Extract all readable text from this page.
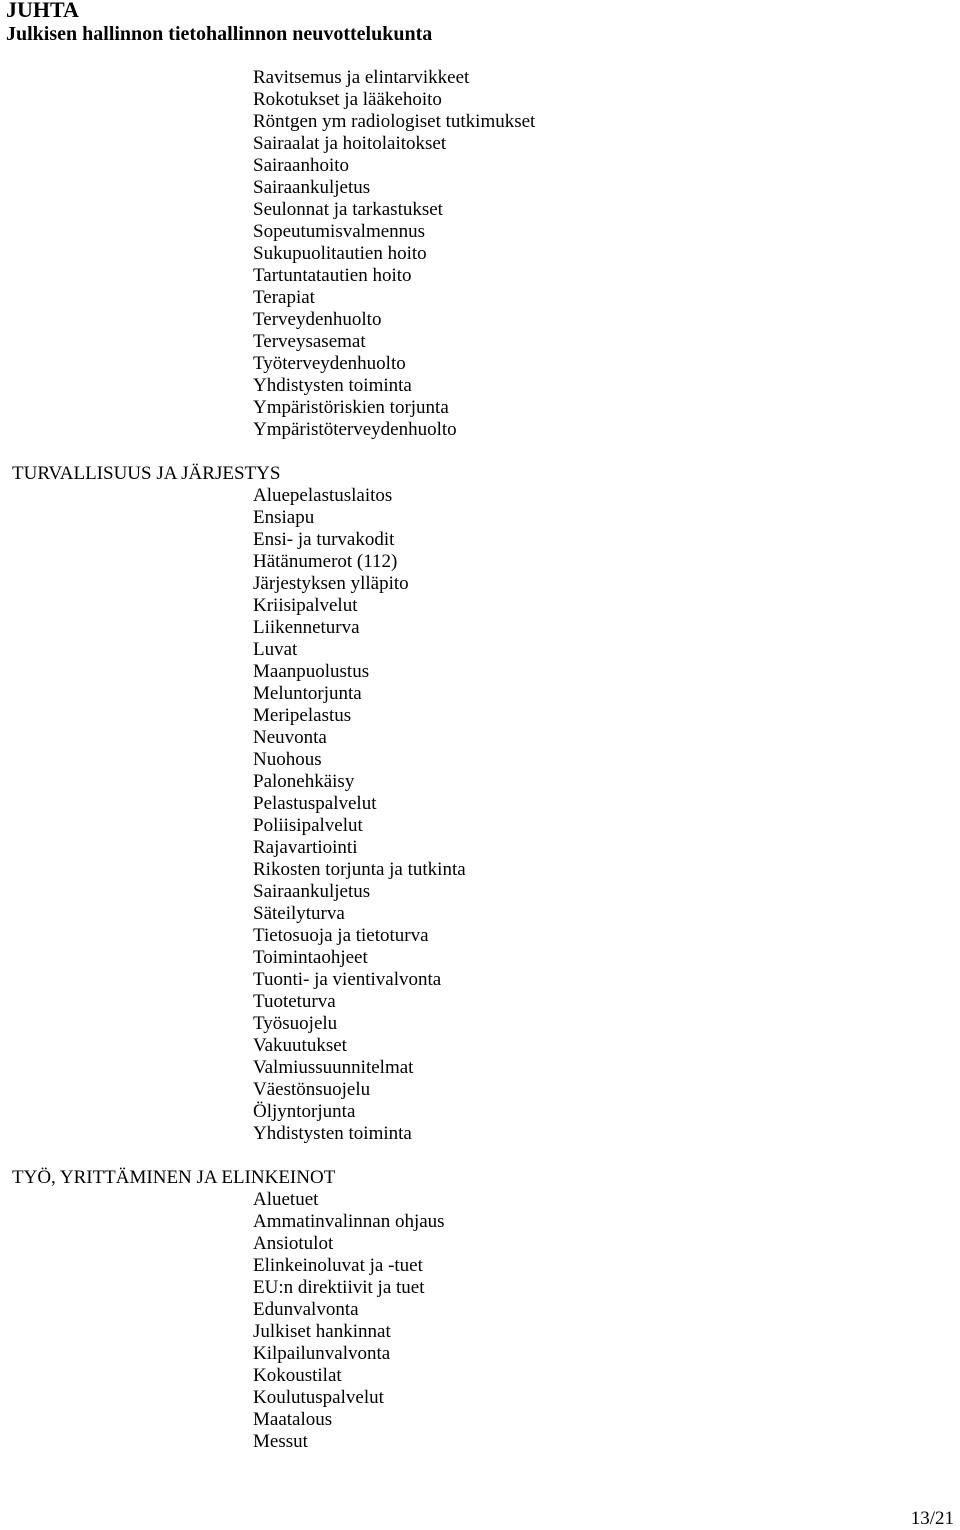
JUHTA

Julkisen hallinnon tietohallinnon neuvottelukunta

Ravitsemus ja elintarvikkeet
Rokotukset ja lääkehoito
Röntgen ym radiologiset tutkimukset
Sairaalat ja hoitolaitokset
Sairaanhoito
Sairaankuljetus
Seulonnat ja tarkastukset
Sopeutumisvalmennus
Sukupuolitautien hoito
Tartuntatautien hoito
Terapiat
Terveydenhuolto
Terveysasemat
Työterveydenhuolto
Yhdistysten toiminta
Ympäristöriskien torjunta
Ympäristöterveydenhuolto
TURVALLISUUS JA JÄRJESTYS
Aluepelastuslaitos
Ensiapu
Ensi- ja turvakodit
Hätänumerot (112)
Järjestyksen ylläpito
Kriisipalvelut
Liikenneturva
Luvat
Maanpuolustus
Meluntorjunta
Meripelastus
Neuvonta
Nuohous
Palonehkäisy
Pelastuspalvelut
Poliisipalvelut
Rajavartiointi
Rikosten torjunta ja tutkinta
Sairaankuljetus
Säteilyturva
Tietosuoja ja tietoturva
Toimintaohjeet
Tuonti- ja vientivalvonta
Tuoteturva
Työsuojelu
Vakuutukset
Valmiussuunnitelmat
Väestönsuojelu
Öljyntorjunta
Yhdistysten toiminta
TYÖ, YRITTÄMINEN JA ELINKEINOT
Aluetuet
Ammatinvalinnan ohjaus
Ansiotulot
Elinkeinoluvat ja -tuet
EU:n direktiivit ja tuet
Edunvalvonta
Julkiset hankinnat
Kilpailunvalvonta
Kokoustilat
Koulutuspalvelut
Maatalous
Messut
13/21
